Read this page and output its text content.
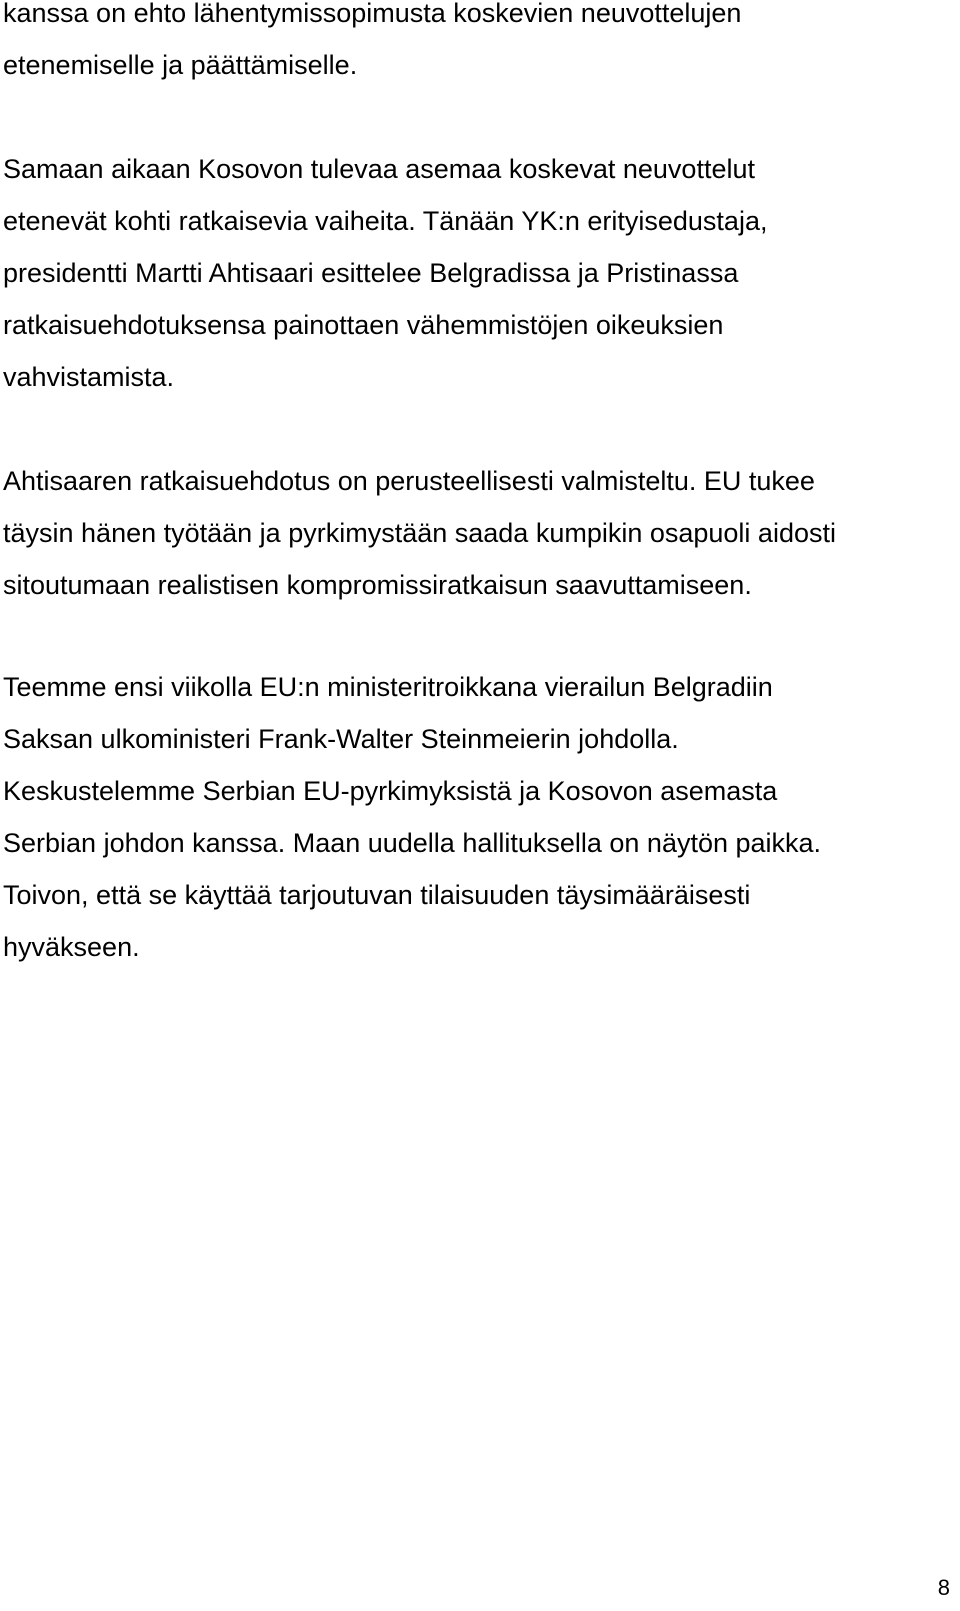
kanssa on ehto lähentymissopimusta koskevien neuvottelujen

etenemiselle ja päättämiselle.

Samaan aikaan Kosovon tulevaa asemaa koskevat neuvottelut

etenevät kohti ratkaisevia vaiheita. Tänään YK:n erityisedustaja,

presidentti Martti Ahtisaari esittelee Belgradissa ja Pristinassa

ratkaisuehdotuksensa painottaen vähemmistöjen oikeuksien

vahvistamista.

Ahtisaaren ratkaisuehdotus on perusteellisesti valmisteltu. EU tukee

täysin hänen työtään ja pyrkimystään saada kumpikin osapuoli aidosti

sitoutumaan realistisen kompromissiratkaisun saavuttamiseen.

Teemme ensi viikolla EU:n ministeritroikkana vierailun Belgradiin

Saksan ulkoministeri Frank-Walter Steinmeierin johdolla.

Keskustelemme Serbian EU-pyrkimyksistä ja Kosovon asemasta

Serbian johdon kanssa. Maan uudella hallituksella on näytön paikka.

Toivon, että se käyttää tarjoutuvan tilaisuuden täysimääräisesti

hyväkseen.

8
